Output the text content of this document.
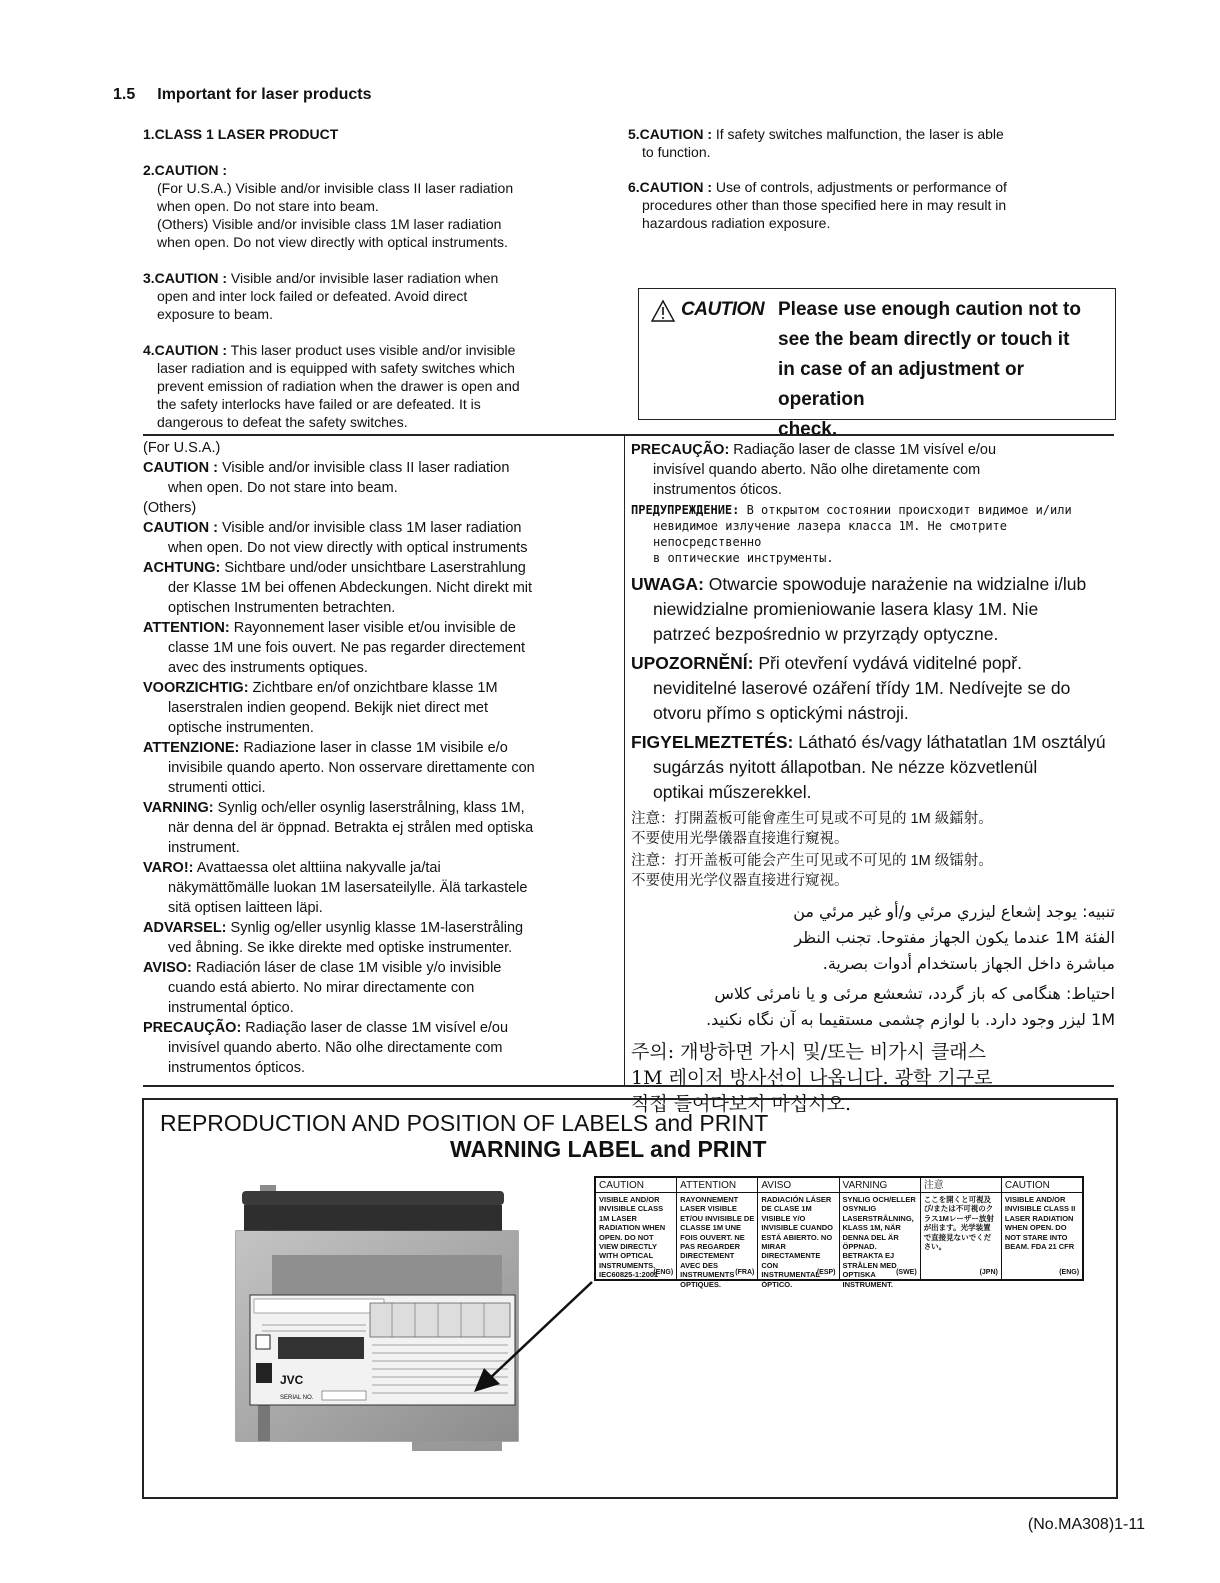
1.5 Important for laser products
1.CLASS 1 LASER PRODUCT
2.CAUTION :
(For U.S.A.) Visible and/or invisible class II laser radiation
when open. Do not stare into beam.
(Others) Visible and/or invisible class 1M laser radiation
when open. Do not view directly with optical instruments.
3.CAUTION : Visible and/or invisible laser radiation when
open and inter lock failed or defeated. Avoid direct
exposure to beam.
4.CAUTION : This laser product uses visible and/or invisible
laser radiation and is equipped with safety switches which
prevent emission of radiation when the drawer is open and
the safety interlocks have failed or are defeated. It is
dangerous to defeat the safety switches.
5.CAUTION : If safety switches malfunction, the laser is able
to function.
6.CAUTION : Use of controls, adjustments or performance of
procedures other than those specified here in may result in
hazardous radiation exposure.
CAUTION Please use enough caution not to
see the beam directly or touch it
in case of an adjustment or operation
check.
(For U.S.A.)
CAUTION : Visible and/or invisible class II laser radiation
when open. Do not stare into beam.
(Others)
CAUTION : Visible and/or invisible class 1M laser radiation
when open. Do not view directly with optical instruments
ACHTUNG: Sichtbare und/oder unsichtbare Laserstrahlung
der Klasse 1M bei offenen Abdeckungen. Nicht direkt mit
optischen Instrumenten betrachten.
ATTENTION: Rayonnement laser visible et/ou invisible de
classe 1M une fois ouvert. Ne pas regarder directement
avec des instruments optiques.
VOORZICHTIG: Zichtbare en/of onzichtbare klasse 1M
laserstralen indien geopend. Bekijk niet direct met
optische instrumenten.
ATTENZIONE: Radiazione laser in classe 1M visibile e/o
invisibile quando aperto. Non osservare direttamente con
strumenti ottici.
VARNING: Synlig och/eller osynlig laserstrålning, klass 1M,
när denna del är öppnad. Betrakta ej strålen med optiska
instrument.
VARO!: Avattaessa olet alttiina nakyvalle ja/tai
näkymättõmälle luokan 1M lasersateilylle. Älä tarkastele
sitä optisen laitteen läpi.
ADVARSEL: Synlig og/eller usynlig klasse 1M-laserstråling
ved åbning. Se ikke direkte med optiske instrumenter.
AVISO: Radiación láser de clase 1M visible y/o invisible
cuando está abierto. No mirar directamente con
instrumental óptico.
PRECAUÇÃO: Radiação laser de classe 1M visível e/ou
invisível quando aberto. Não olhe directamente com
instrumentos ópticos.
PRECAUÇÃO: Radiação laser de classe 1M visível e/ou
invisível quando aberto. Não olhe diretamente com
instrumentos óticos.
ПРЕДУПРЕЖДЕНИЕ: В открытом состоянии происходит видимое и/или
невидимое излучение лазера класса 1M. Не смотрите непосредственно
в оптические инструменты.
UWAGA: Otwarcie spowoduje narażenie na widzialne i/lub
niewidzialne promieniowanie lasera klasy 1M. Nie
patrzeć bezpośrednio w przyrządy optyczne.
UPOZORNĚNÍ: Při otevření vydává viditelné popř.
neviditelné laserové ozáření třídy 1M. Nedívejte se do
otvoru přímo s optickými nástroji.
FIGYELMEZTETÉS: Látható és/vagy láthatatlan 1M osztályú
sugárzás nyitott állapotban. Ne nézze közvetlenül
optikai műszerekkel.
注意：打開蓋板可能會產生可見或不可見的 1M 級鐳射。
不要使用光學儀器直接進行窺視。
注意：打开盖板可能会产生可见或不可见的 1M 级镭射。
不要使用光学仪器直接进行窥视。
تنبيه: يوجد إشعاع ليزري مرئي و/أو غير مرئي من
الفئة 1M عندما يكون الجهاز مفتوحا. تجنب النظر
مباشرة داخل الجهاز باستخدام أدوات بصرية.
احتیاط: هنگامی که باز گردد، تشعشع مرئی و یا نامرئی کلاس
1M لیزر وجود دارد. با لوازم چشمی مستقیما به آن نگاه نکنید.
주의: 개방하면 가시 및/또는 비가시 클래스
1M 레이저 방사선이 나옵니다. 광학 기구로
직접 들여다보지 마십시오.
REPRODUCTION AND POSITION OF LABELS and PRINT
WARNING LABEL and PRINT
CAUTION
VISIBLE AND/OR INVISIBLE CLASS 1M LASER RADIATION WHEN OPEN. DO NOT VIEW DIRECTLY WITH OPTICAL INSTRUMENTS. IEC60825-1:2001
(ENG)
ATTENTION
RAYONNEMENT LASER VISIBLE ET/OU INVISIBLE DE CLASSE 1M UNE FOIS OUVERT. NE PAS REGARDER DIRECTEMENT AVEC DES INSTRUMENTS OPTIQUES.
(FRA)
AVISO
RADIACIÓN LÁSER DE CLASE 1M VISIBLE Y/O INVISIBLE CUANDO ESTÁ ABIERTO. NO MIRAR DIRECTAMENTE CON INSTRUMENTAL ÓPTICO.
(ESP)
VARNING
SYNLIG OCH/ELLER OSYNLIG LASERSTRÅLNING, KLASS 1M, NÄR DENNA DEL ÄR ÖPPNAD. BETRAKTA EJ STRÅLEN MED OPTISKA INSTRUMENT.
(SWE)
注意
ここを開くと可視及び/または不可視のクラス1Mレーザー放射が出ます。光学装置で直接見ないでください。
(JPN)
CAUTION
VISIBLE AND/OR INVISIBLE CLASS II LASER RADIATION WHEN OPEN. DO NOT STARE INTO BEAM. FDA 21 CFR
(ENG)
JVC
SERIAL NO.
(No.MA308)1-11
